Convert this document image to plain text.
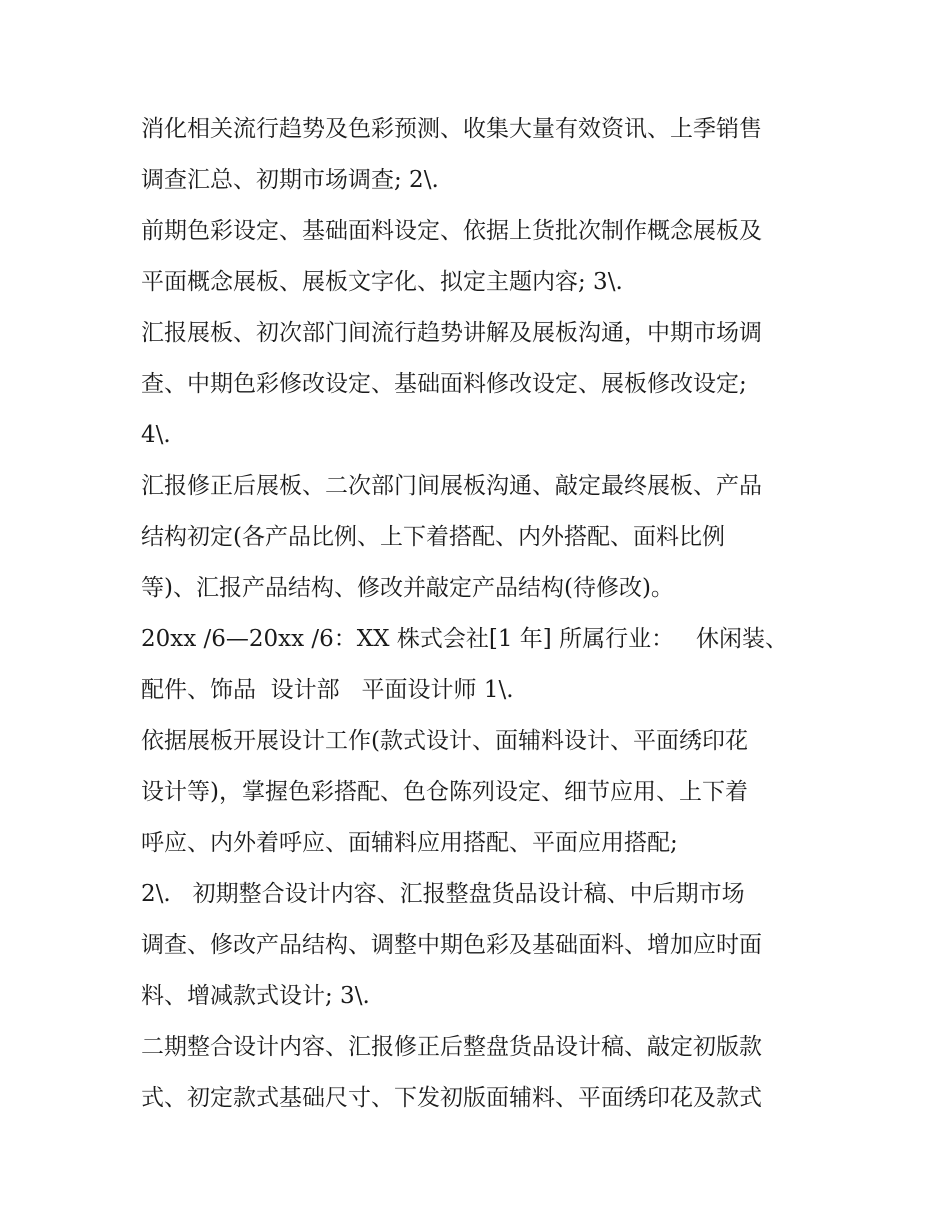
消化相关流行趋势及色彩预测、收集大量有效资讯、上季销售
调查汇总、初期市场调查; 2\.
前期色彩设定、基础面料设定、依据上货批次制作概念展板及
平面概念展板、展板文字化、拟定主题内容; 3\.
汇报展板、初次部门间流行趋势讲解及展板沟通，中期市场调
查、中期色彩修改设定、基础面料修改设定、展板修改设定;
4\.
汇报修正后展板、二次部门间展板沟通、敲定最终展板、产品
结构初定(各产品比例、上下着搭配、内外搭配、面料比例
等)、汇报产品结构、修改并敲定产品结构(待修改)。
20xx /6—20xx /6：XX 株式会社[1 年] 所属行业：   休闲装、
配件、饰品  设计部   平面设计师 1\.
依据展板开展设计工作(款式设计、面辅料设计、平面绣印花
设计等)，掌握色彩搭配、色仓陈列设定、细节应用、上下着
呼应、内外着呼应、面辅料应用搭配、平面应用搭配;
2\.   初期整合设计内容、汇报整盘货品设计稿、中后期市场
调查、修改产品结构、调整中期色彩及基础面料、增加应时面
料、增减款式设计; 3\.
二期整合设计内容、汇报修正后整盘货品设计稿、敲定初版款
式、初定款式基础尺寸、下发初版面辅料、平面绣印花及款式
